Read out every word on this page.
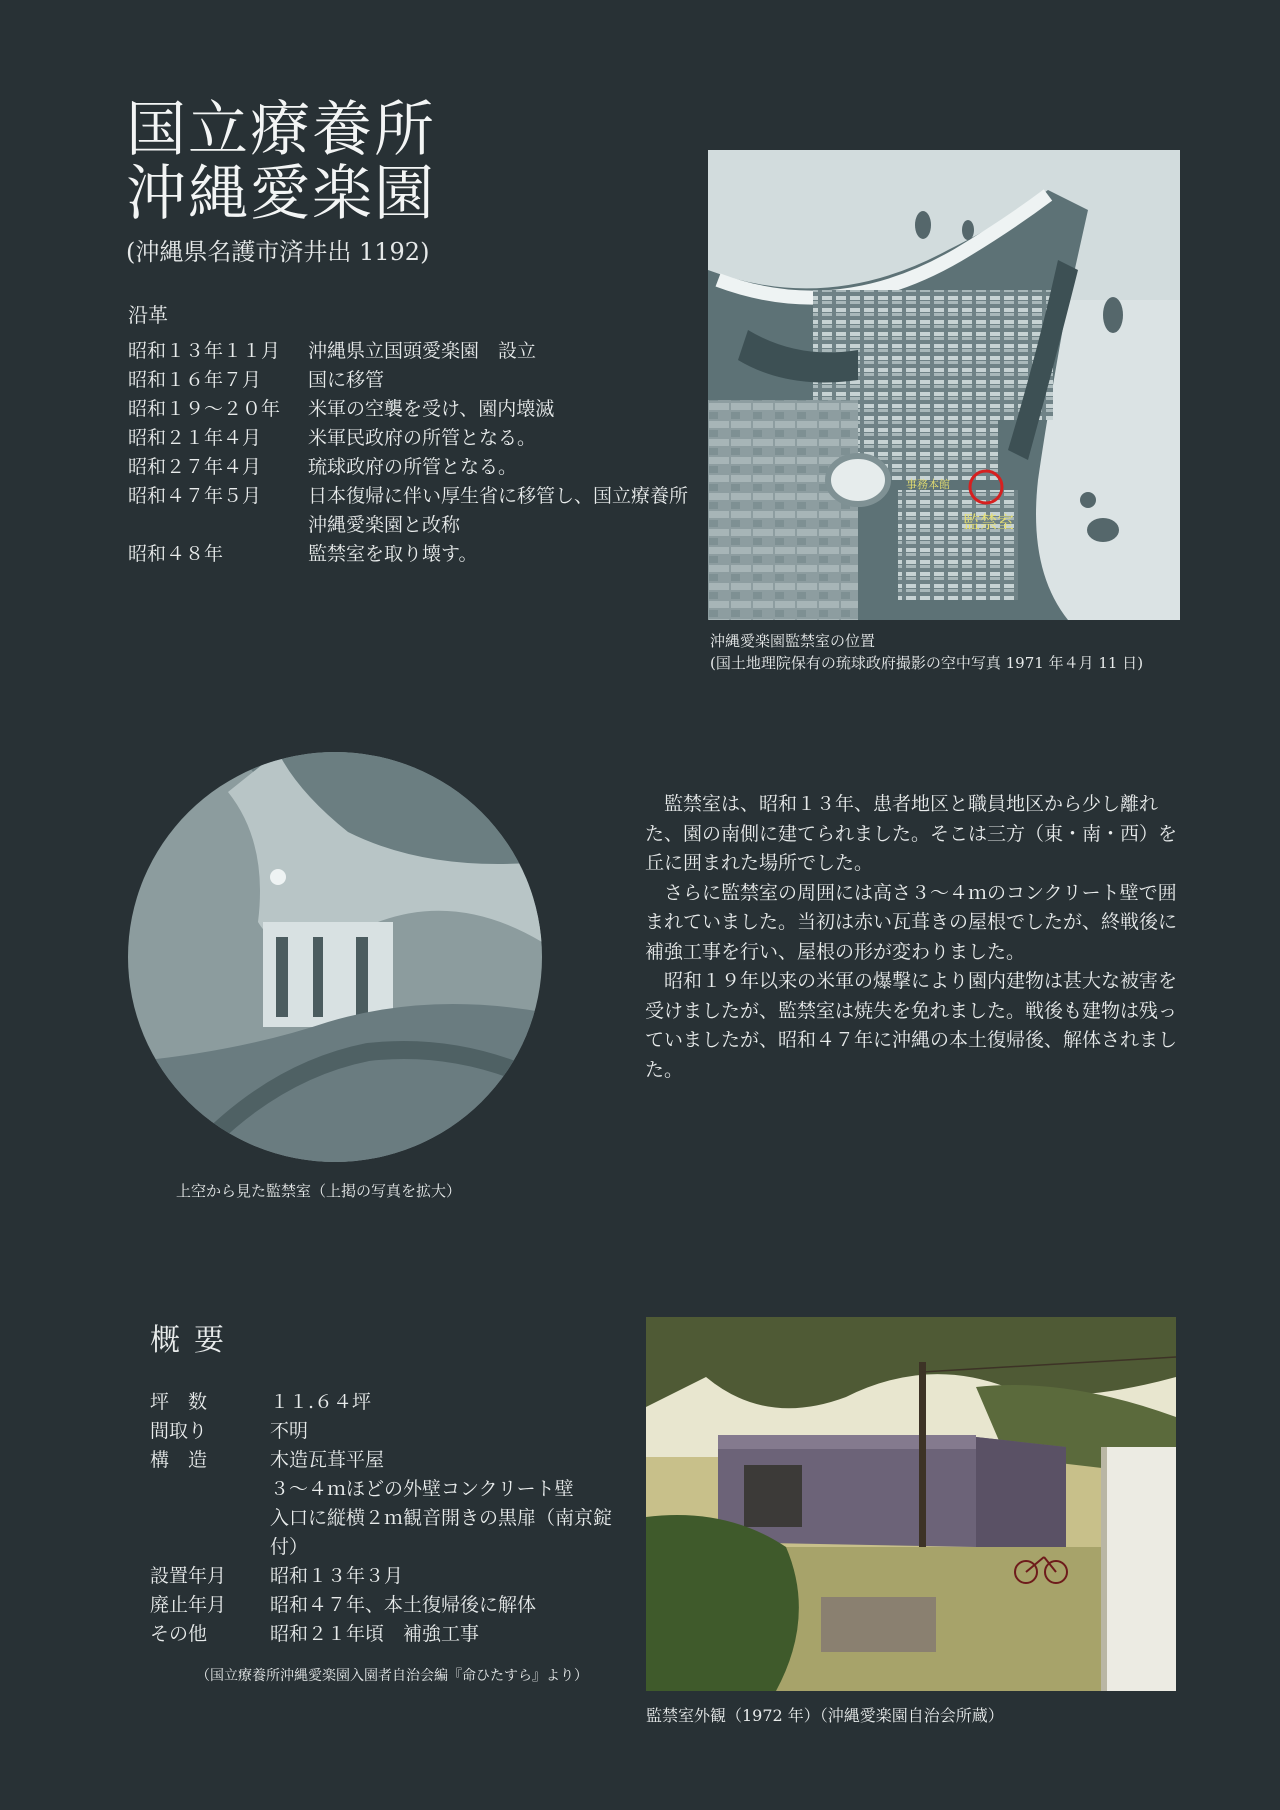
国立療養所
沖縄愛楽園
(沖縄県名護市済井出 1192)
沿革
昭和１３年１１月	沖縄県立国頭愛楽園　設立
昭和１６年７月	国に移管
昭和１９～２０年	米軍の空襲を受け、園内壊滅
昭和２１年４月	米軍民政府の所管となる。
昭和２７年４月	琉球政府の所管となる。
昭和４７年５月	日本復帰に伴い厚生省に移管し、国立療養所沖縄愛楽園と改称
昭和４８年	監禁室を取り壊す。
事務本館
監禁室
沖縄愛楽園監禁室の位置
(国土地理院保有の琉球政府撮影の空中写真 1971 年４月 11 日)
上空から見た監禁室（上掲の写真を拡大）

監禁室は、昭和１３年、患者地区と職員地区から少し離れた、園の南側に建てられました。そこは三方（東・南・西）を丘に囲まれた場所でした。

さらに監禁室の周囲には高さ３～４ｍのコンクリート壁で囲まれていました。当初は赤い瓦葺きの屋根でしたが、終戦後に補強工事を行い、屋根の形が変わりました。

昭和１９年以来の米軍の爆撃により園内建物は甚大な被害を受けましたが、監禁室は焼失を免れました。戦後も建物は残っていましたが、昭和４７年に沖縄の本土復帰後、解体されました。

概要
坪　数	１１.６４坪
間取り	不明
構　造	木造瓦葺平屋
３～４ｍほどの外壁コンクリート壁
入口に縦横２ｍ観音開きの黒扉（南京錠付）
設置年月	昭和１３年３月
廃止年月	昭和４７年、本土復帰後に解体
その他	昭和２１年頃　補強工事
（国立療養所沖縄愛楽園入園者自治会編『命ひたすら』より）
監禁室外観（1972 年）（沖縄愛楽園自治会所蔵）
